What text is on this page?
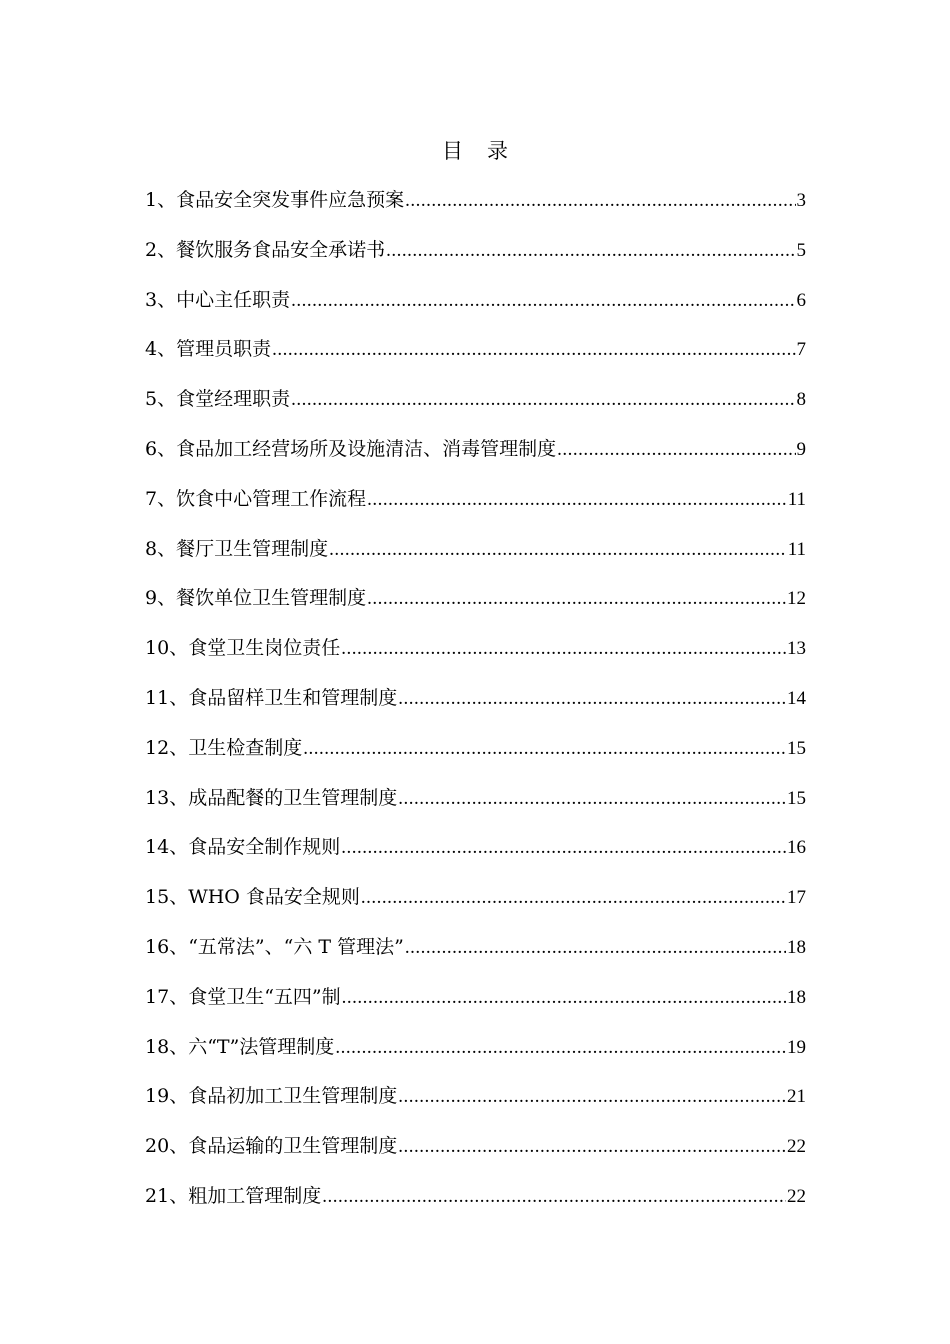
目 录
1 、 食品安全突发事件应急预案 .....	3
2 、 餐饮服务食品安全承诺书 .....	5
3 、 中心主任职责 .....	6
4 、 管理员职责 .....	7
5 、 食堂经理职责 .....	8
6 、 食品加工经营场所及设施清洁、消毒管理制度 .....	9
7 、 饮食中心管理工作流程 .....	11
8 、 餐厅卫生管理制度 .....	11
9 、 餐饮单位卫生管理制度 .....	12
10 、 食堂卫生岗位责任 .....	13
11 、 食品留样卫生和管理制度 .....	14
12 、 卫生检查制度 .....	15
13 、 成品配餐的卫生管理制度 .....	15
14 、 食品安全制作规则 .....	16
15 、 WHO 食品安全规则 .....	17
16 、 “五常法”、“六 T 管理法” .....	18
17 、 食堂卫生“五四”制 .....	18
18 、 六“T”法管理制度 .....	19
19 、 食品初加工卫生管理制度 .....	21
20 、 食品运输的卫生管理制度 .....	22
21 、 粗加工管理制度 .....	22
